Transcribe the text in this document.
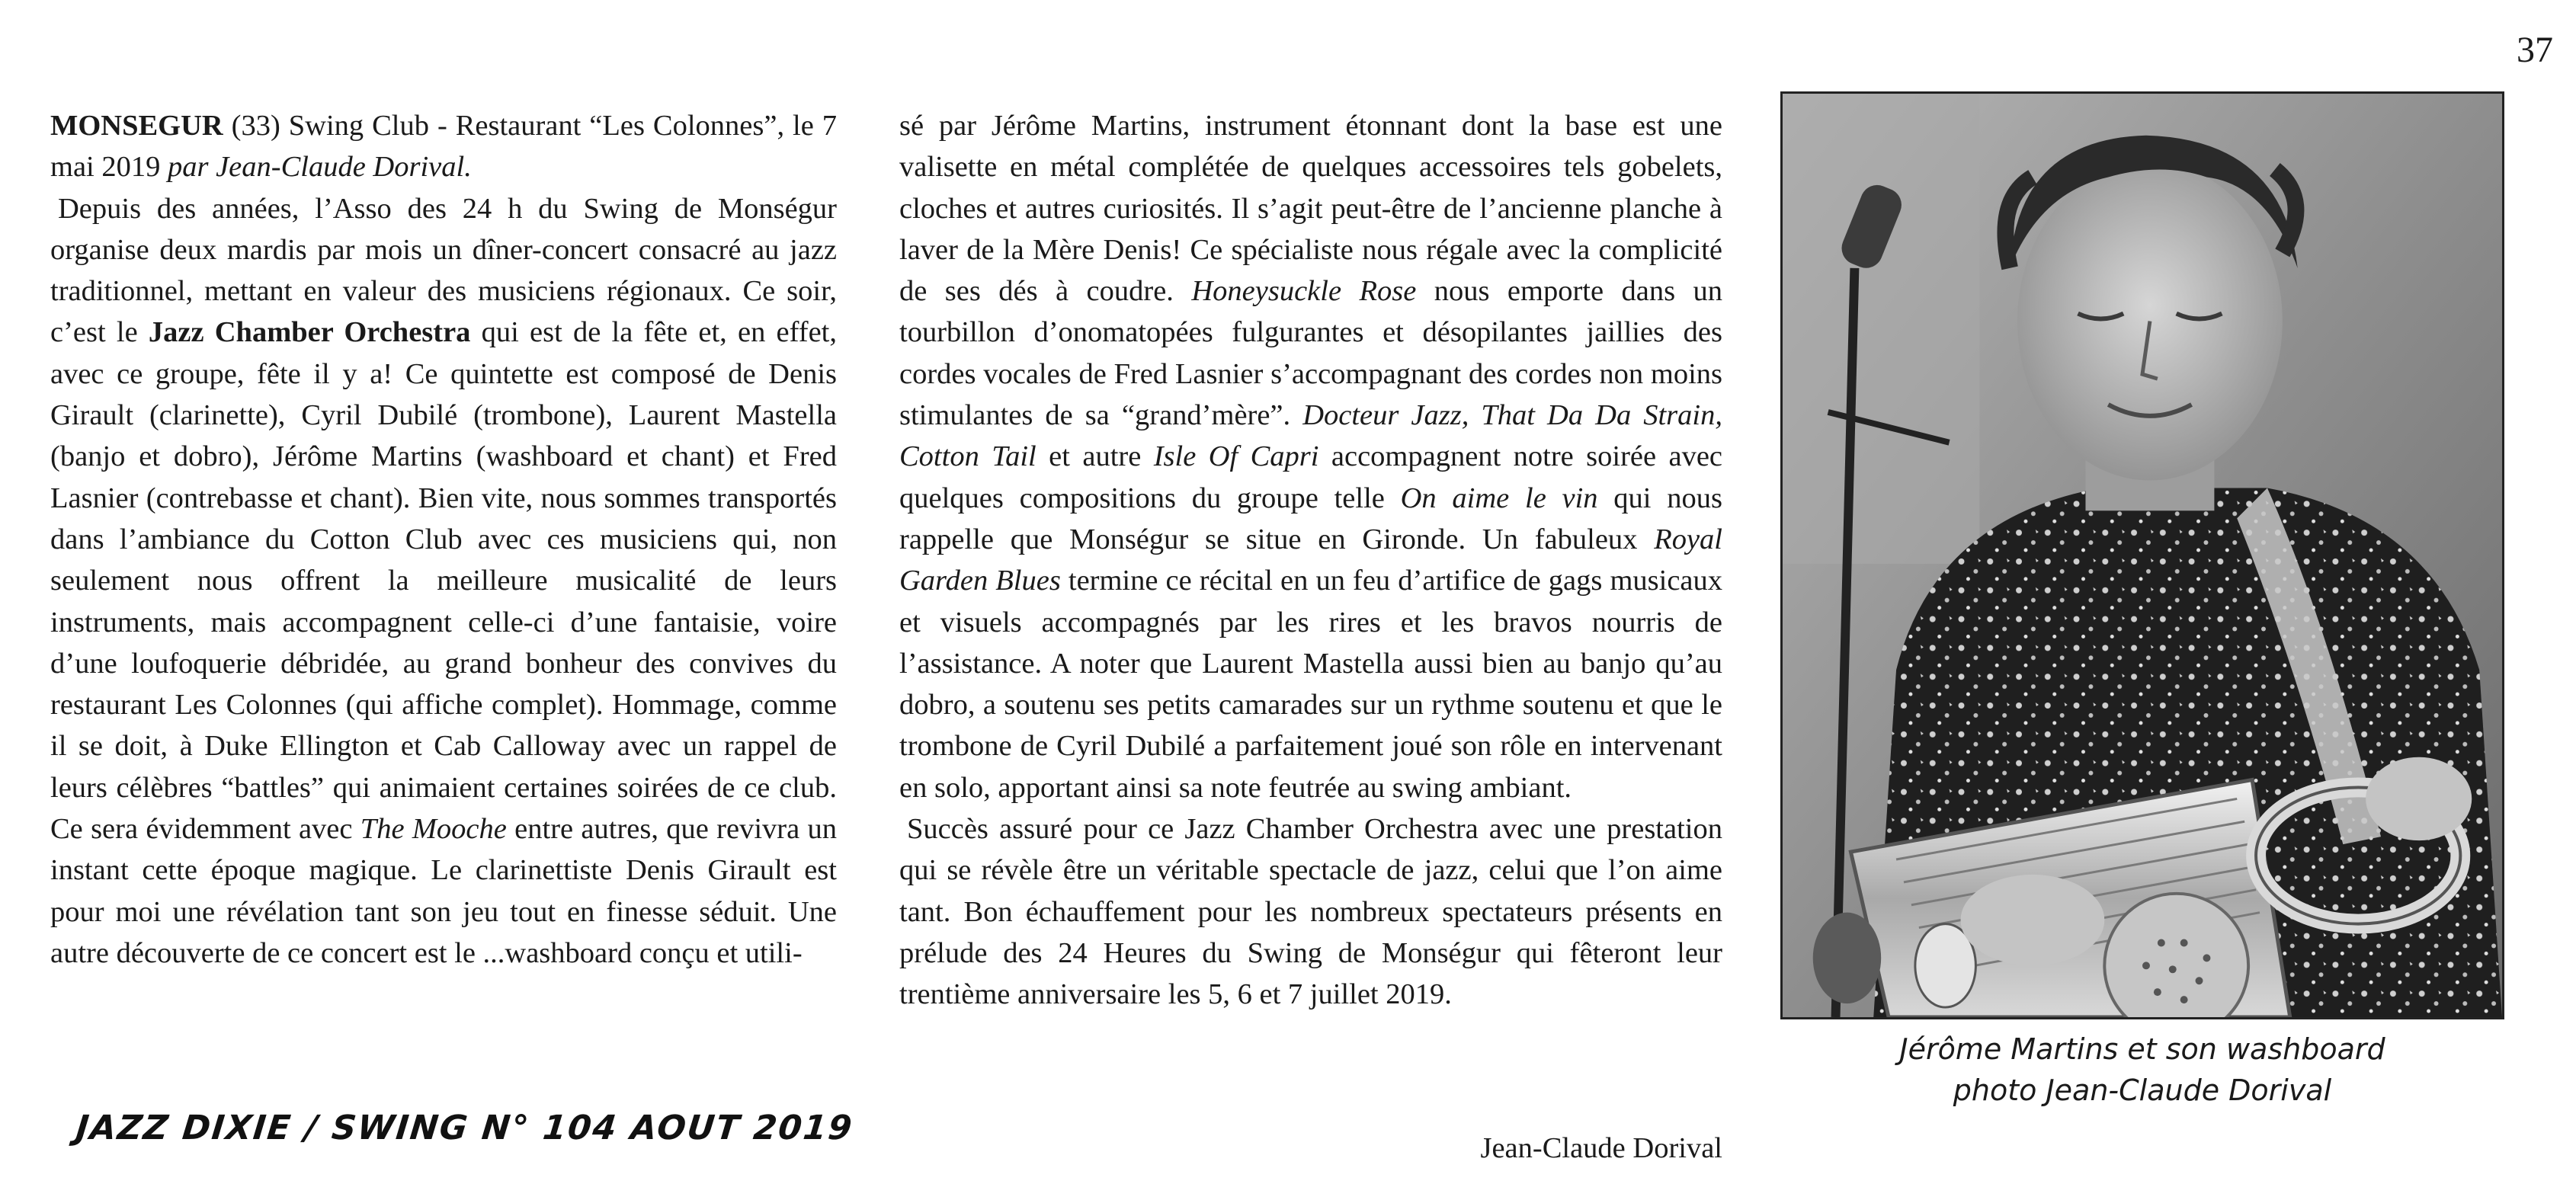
37

MONSEGUR (33) Swing Club - Restaurant “Les Colonnes”, le 7 mai 2019 par Jean-Claude Dorival.

Depuis des années, l’Asso des 24 h du Swing de Monségur organise deux mardis par mois un dîner-concert consacré au jazz traditionnel, mettant en valeur des musiciens régionaux. Ce soir, c’est le Jazz Chamber Orchestra qui est de la fête et, en effet, avec ce groupe, fête il y a! Ce quintette est composé de Denis Girault (clarinette), Cyril Dubilé (trombone), Laurent Mastella (banjo et dobro), Jérôme Martins (washboard et chant) et Fred Lasnier (contrebasse et chant). Bien vite, nous sommes transportés dans l’ambiance du Cotton Club avec ces musiciens qui, non seulement nous offrent la meilleure musicalité de leurs instruments, mais accompagnent celle-ci d’une fantaisie, voire d’une loufoquerie débridée, au grand bonheur des convives du restaurant Les Colonnes (qui affiche complet). Hommage, comme il se doit, à Duke Ellington et Cab Calloway avec un rappel de leurs célèbres “battles” qui animaient certaines soirées de ce club. Ce sera évidemment avec The Mooche entre autres, que revivra un instant cette époque magique. Le clarinettiste Denis Girault est pour moi une révélation tant son jeu tout en finesse séduit. Une autre découverte de ce concert est le ...washboard conçu et utili-

sé par Jérôme Martins, instrument étonnant dont la base est une valisette en métal complétée de quelques accessoires tels gobelets, cloches et autres curiosités. Il s’agit peut-être de l’ancienne planche à laver de la Mère Denis! Ce spécialiste nous régale avec la complicité de ses dés à coudre. Honeysuckle Rose nous emporte dans un tourbillon d’onomatopées fulgurantes et désopilantes jaillies des cordes vocales de Fred Lasnier s’accompagnant des cordes non moins stimulantes de sa “grand’mère”. Docteur Jazz, That Da Da Strain, Cotton Tail et autre Isle Of Capri accompagnent notre soirée avec quelques compositions du groupe telle On aime le vin qui nous rappelle que Monségur se situe en Gironde. Un fabuleux Royal Garden Blues termine ce récital en un feu d’artifice de gags musicaux et visuels accompagnés par les rires et les bravos nourris de l’assistance. A noter que Laurent Mastella aussi bien au banjo qu’au dobro, a soutenu ses petits camarades sur un rythme soutenu et que le trombone de Cyril Dubilé a parfaitement joué son rôle en intervenant en solo, apportant ainsi sa note feutrée au swing ambiant.

Succès assuré pour ce Jazz Chamber Orchestra avec une prestation qui se révèle être un véritable spectacle de jazz, celui que l’on aime tant. Bon échauffement pour les nombreux spectateurs présents en prélude des 24 Heures du Swing de Monségur qui fêteront leur trentième anniversaire les 5, 6 et 7 juillet 2019.

Jean-Claude Dorival
Jérôme Martins et son washboard
photo Jean-Claude Dorival
JAZZ DIXIE / SWING N° 104 AOUT 2019
